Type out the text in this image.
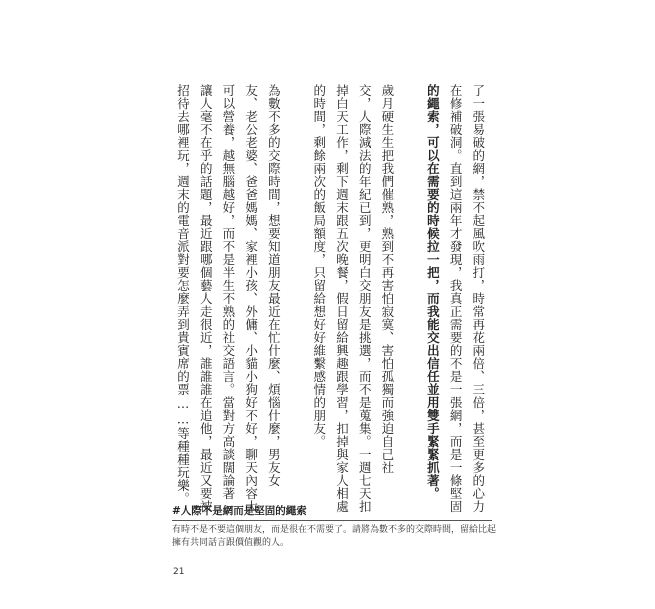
了一張易破的網，禁不起風吹雨打，時常再花兩倍、三倍，甚至更多的心力
在修補破洞。直到這兩年才發現，我真正需要的不是一張網，而是一條堅固
的繩索，可以在需要的時候拉一把，而我能交出信任並用雙手緊緊抓著。
歲月硬生生把我們催熟，熟到不再害怕寂寞、害怕孤獨而強迫自己社
交，人際減法的年紀已到，更明白交朋友是挑選，而不是蒐集。一週七天扣
掉白天工作，剩下週末跟五次晚餐，假日留給興趣跟學習，扣掉與家人相處
的時間，剩餘兩次的飯局額度，只留給想好好維繫感情的朋友。
為數不多的交際時間，想要知道朋友最近在忙什麼、煩惱什麼，男友女
友、老公老婆、爸爸媽媽、家裡小孩、外傭、小貓小狗好不好，聊天內容大
可以營養，越無腦越好，而不是半生不熟的社交語言。當對方高談闊論著
讓人毫不在乎的話題，最近跟哪個藝人走很近，誰誰誰在追他，最近又要被
招待去哪裡玩，週末的電音派對要怎麼弄到貴賓席的票……等種種玩樂。
#人際不是網而是堅固的繩索
有時不是不要這個朋友，而是很在不需要了。請將為數不多的交際時間，留給比起
擁有共同話言跟價值觀的人。
21
